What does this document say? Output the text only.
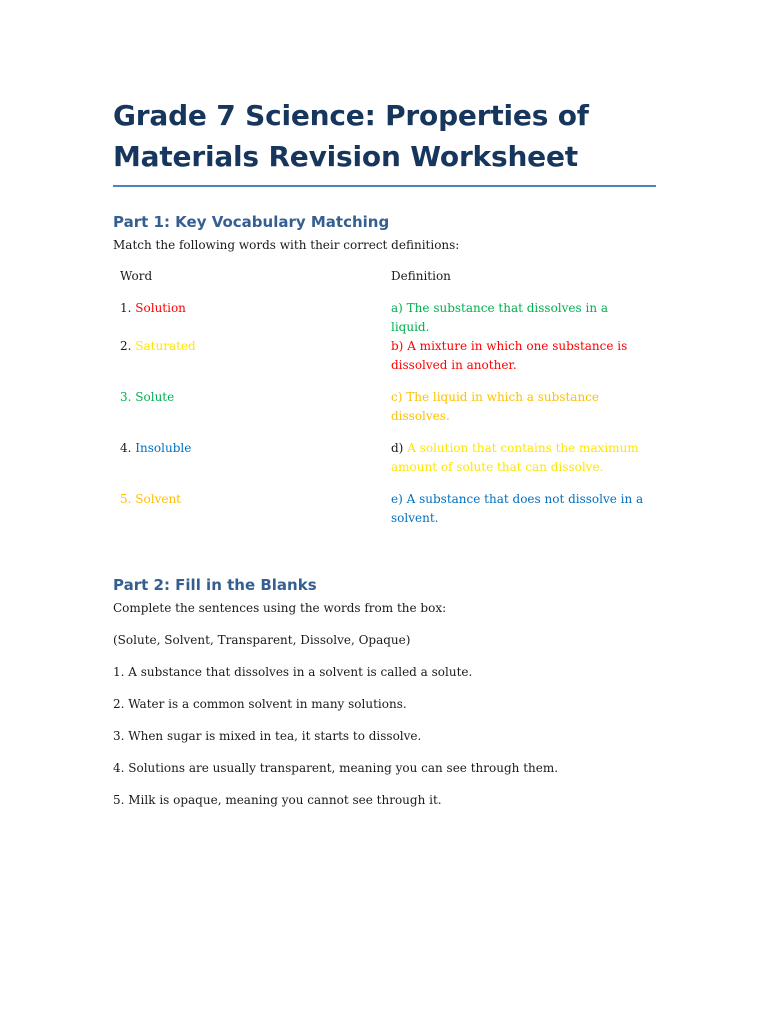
Grade 7 Science: Properties of Materials Revision Worksheet
Part 1: Key Vocabulary Matching

Match the following words with their correct definitions:

Word	Definition
1. Solution	a) The substance that dissolves in a liquid.
2. Saturated	b) A mixture in which one substance is dissolved in another.
3. Solute	c) The liquid in which a substance dissolves.
4. Insoluble	d) A solution that contains the maximum amount of solute that can dissolve.
5. Solvent	e) A substance that does not dissolve in a solvent.
Part 2: Fill in the Blanks

Complete the sentences using the words from the box:

(Solute, Solvent, Transparent, Dissolve, Opaque)

1. A substance that dissolves in a solvent is called a solute.

2. Water is a common solvent in many solutions.

3. When sugar is mixed in tea, it starts to dissolve.

4. Solutions are usually transparent, meaning you can see through them.

5. Milk is opaque, meaning you cannot see through it.
